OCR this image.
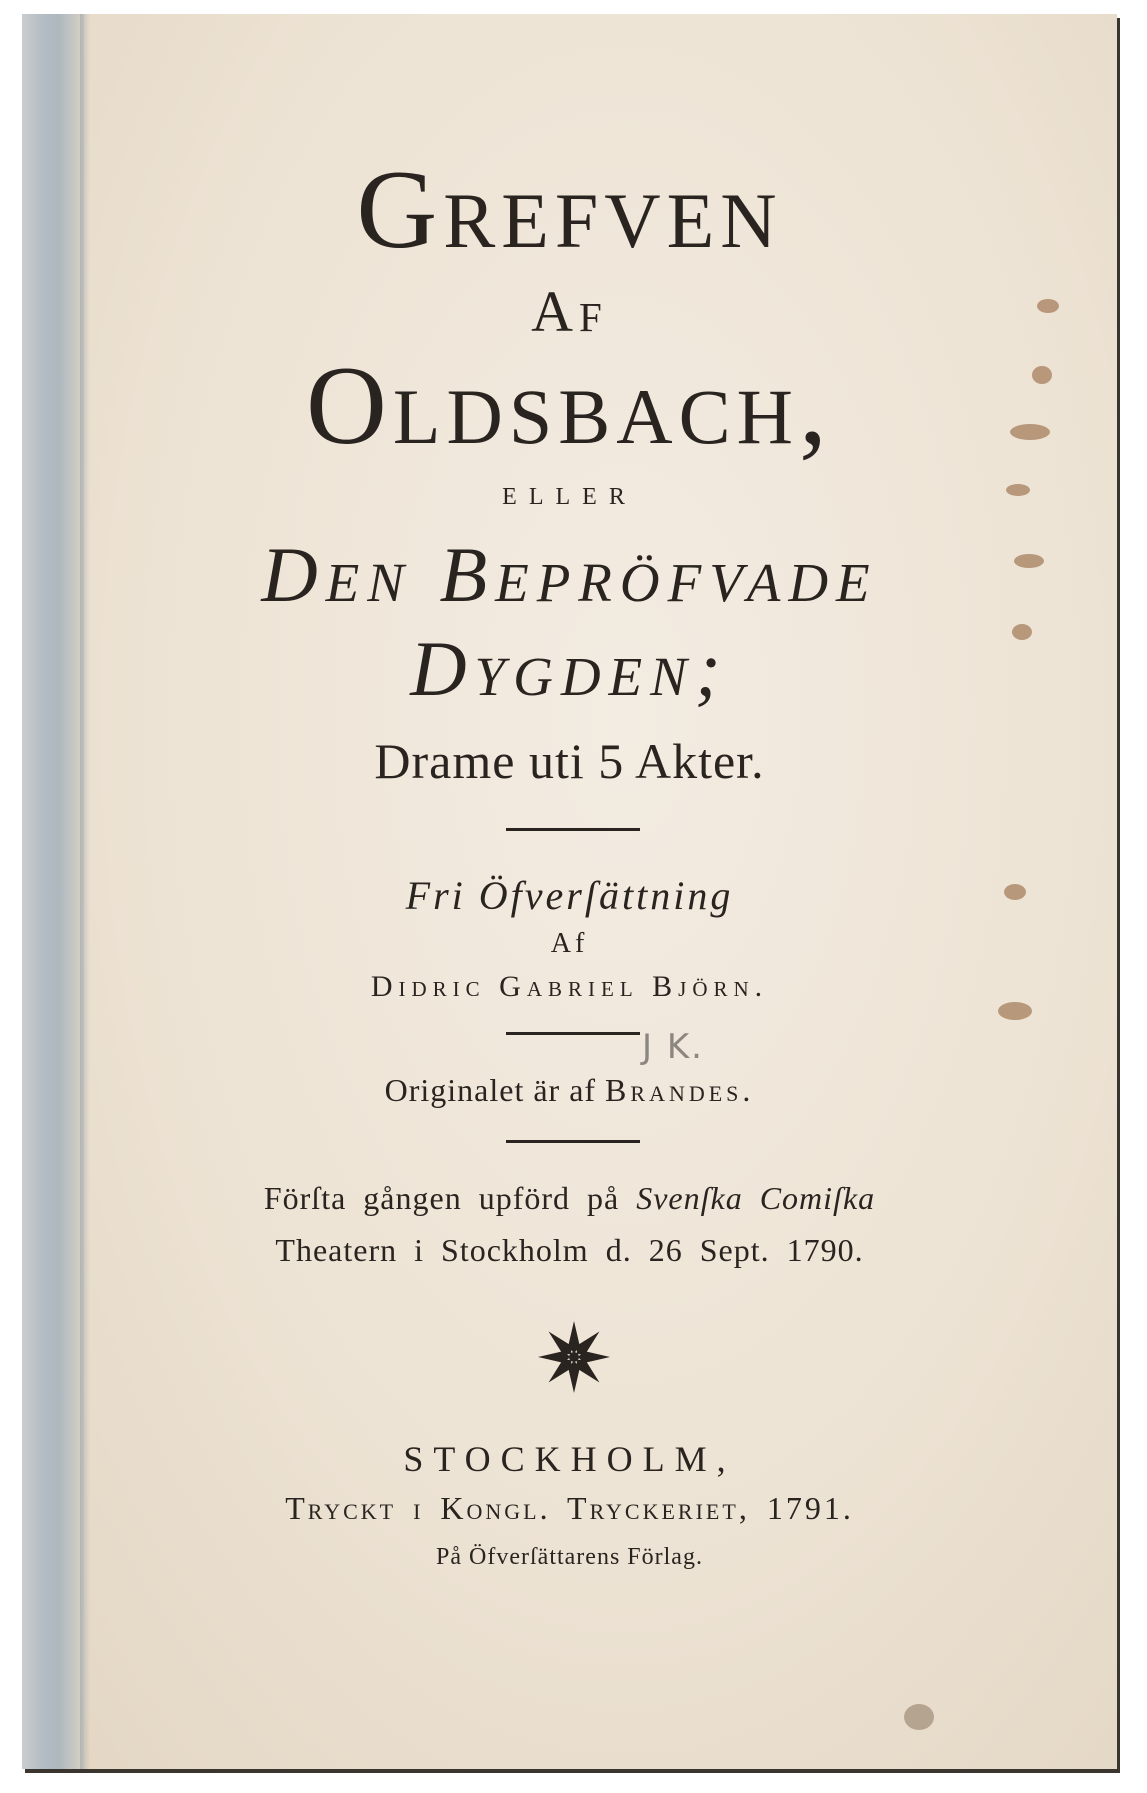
Grefven
Af
Oldsbach,
ELLER
Den Bepröfvade
Dygden;
Drame uti 5 Akter.
Fri Öfverſättning
Af
Didric Gabriel Björn.
J K.
Originalet är af Brandes.
Förſta gången upförd på Svenſka Comiſka
Theatern i Stockholm d. 26 Sept. 1790.
STOCKHOLM,
Tryckt i Kongl. Tryckeriet, 1791.
På Öfverſättarens Förlag.
